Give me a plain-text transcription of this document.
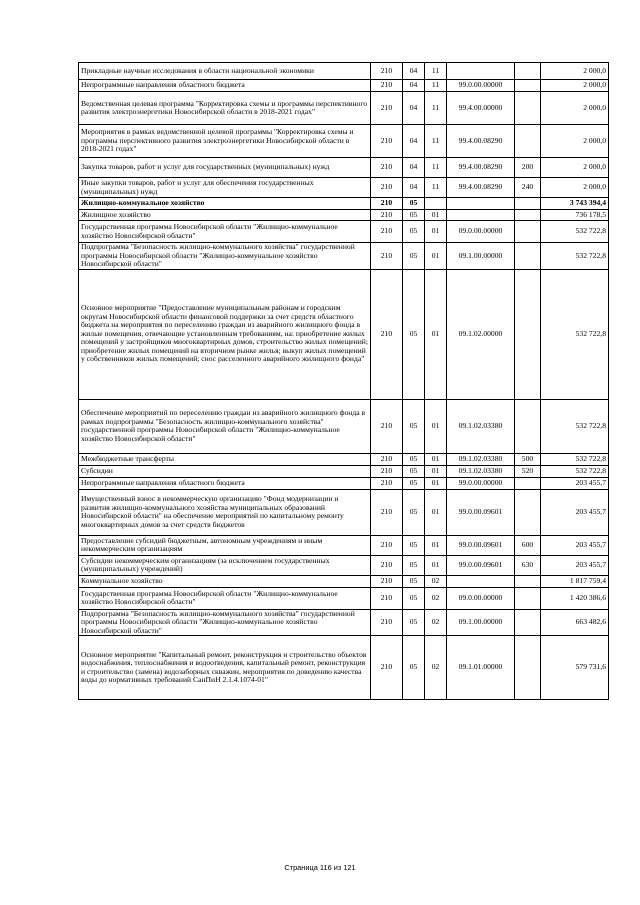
Прикладные научные исследования в области национальной экономики	210	04	11			2 000,0
Непрограммные направления областного бюджета	210	04	11	99.0.00.00000		2 000,0
Ведомственная целевая программа "Корректировка схемы и программы перспективного развития электроэнергетики Новосибирской области в 2018-2021 годах"	210	04	11	99.4.00.00000		2 000,0
Мероприятия в рамках ведомственной целевой программы "Корректировка схемы и программы перспективного развития электроэнергетики Новосибирской области в 2018-2021 годах"	210	04	11	99.4.00.08290		2 000,0
Закупка товаров, работ и услуг для государственных (муниципальных) нужд	210	04	11	99.4.00.08290	200	2 000,0
Иные закупки товаров, работ и услуг для обеспечения государственных (муниципальных) нужд	210	04	11	99.4.00.08290	240	2 000,0
Жилищно-коммунальное хозяйство	210	05				3 743 394,4
Жилищное хозяйство	210	05	01			736 178,5
Государственная программа Новосибирской области "Жилищно-коммунальное хозяйство Новосибирской области"	210	05	01	09.0.00.00000		532 722,8
Подпрограмма "Безопасность жилищно-коммунального хозяйства" государственной программы Новосибирской области "Жилищно-коммунальное хозяйство Новосибирской области"	210	05	01	09.1.00.00000		532 722,8
Основное мероприятие "Предоставление муниципальным районам и городским округам Новосибирской области финансовой поддержки за счет средств областного бюджета на мероприятия по переселению граждан из аварийного жилищного фонда в жилые помещения, отвечающие установленным требованиям, на: приобретение жилых помещений у застройщиков многоквартирных домов, строительство жилых помещений; приобретение жилых помещений на вторичном рынке жилья; выкуп жилых помещений у собственников жилых помещений; снос расселенного аварийного жилищного фонда"	210	05	01	09.1.02.00000		532 722,8
Обеспечение мероприятий по переселению граждан из аварийного жилищного фонда в рамках подпрограммы "Безопасность жилищно-коммунального хозяйства" государственной программы Новосибирской области "Жилищно-коммунальное хозяйство Новосибирской области"	210	05	01	09.1.02.03380		532 722,8
Межбюджетные трансферты	210	05	01	09.1.02.03380	500	532 722,8
Субсидии	210	05	01	09.1.02.03380	520	532 722,8
Непрограммные направления областного бюджета	210	05	01	99.0.00.00000		203 455,7
Имущественный взнос в некоммерческую организацию "Фонд модернизации и развития жилищно-коммунального хозяйства муниципальных образований Новосибирской области" на обеспечение мероприятий по капитальному ремонту многоквартирных домов за счет средств бюджетов	210	05	01	99.0.00.09601		203 455,7
Предоставление субсидий бюджетным, автономным учреждениям и иным некоммерческим организациям	210	05	01	99.0.00.09601	600	203 455,7
Субсидии некоммерческим организациям (за исключением государственных (муниципальных) учреждений)	210	05	01	99.0.00.09601	630	203 455,7
Коммунальное хозяйство	210	05	02			1 817 759,4
Государственная программа Новосибирской области "Жилищно-коммунальное хозяйство Новосибирской области"	210	05	02	09.0.00.00000		1 420 386,6
Подпрограмма "Безопасность жилищно-коммунального хозяйства" государственной программы Новосибирской области "Жилищно-коммунальное хозяйство Новосибирской области"	210	05	02	09.1.00.00000		663 482,6
Основное мероприятие "Капитальный ремонт, реконструкция и строительство объектов водоснабжения, теплоснабжения и водоотведения, капитальный ремонт, реконструкция и строительство (замена) водозаборных скважин, мероприятия по доведению качества воды до нормативных требований СанПиН 2.1.4.1074-01"	210	05	02	09.1.01.00000		579 731,6
Страница 116 из 121
